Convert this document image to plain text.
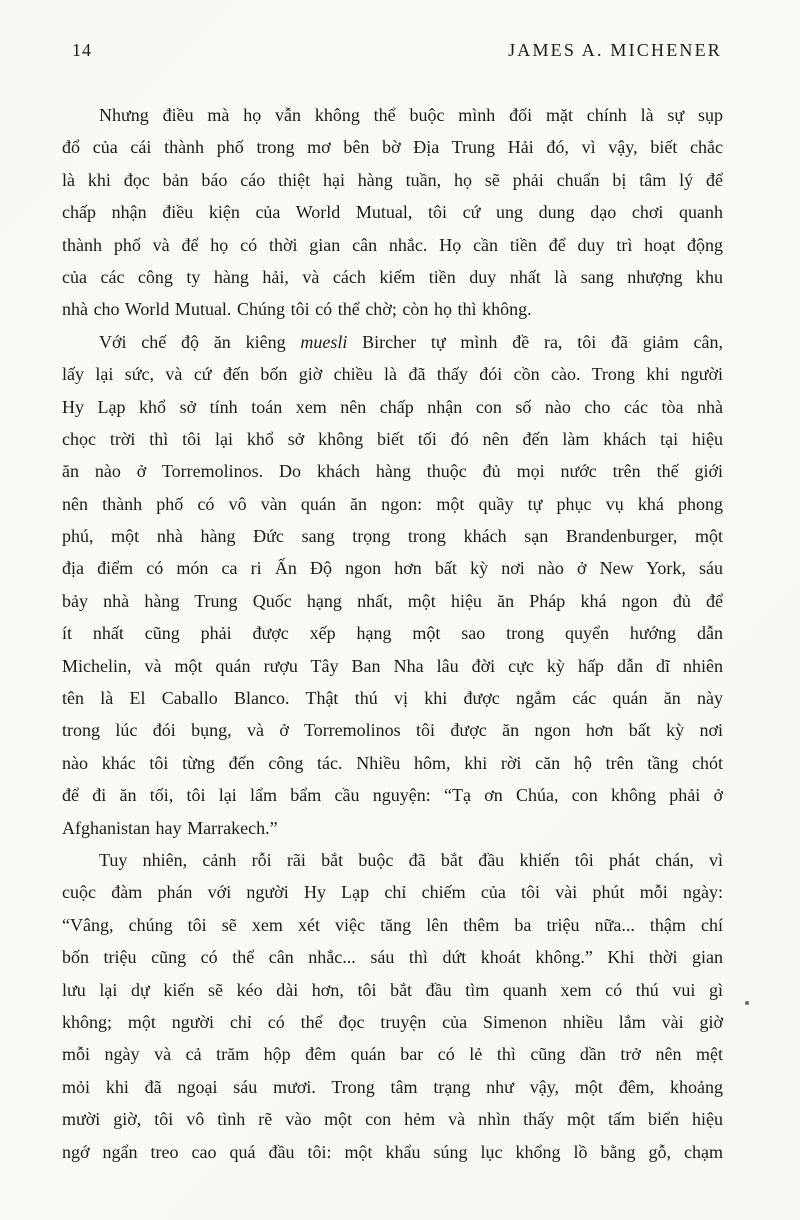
14	JAMES A. MICHENER
Nhưng điều mà họ vẫn không thể buộc mình đối mặt chính là sự sụp
đổ của cái thành phố trong mơ bên bờ Địa Trung Hải đó, vì vậy, biết chắc
là khi đọc bản báo cáo thiệt hại hàng tuần, họ sẽ phải chuẩn bị tâm lý để
chấp nhận điều kiện của World Mutual, tôi cứ ung dung dạo chơi quanh
thành phố và để họ có thời gian cân nhắc. Họ cần tiền để duy trì hoạt động
của các công ty hàng hải, và cách kiếm tiền duy nhất là sang nhượng khu
nhà cho World Mutual. Chúng tôi có thể chờ; còn họ thì không.
Với chế độ ăn kiêng muesli Bircher tự mình đề ra, tôi đã giảm cân,
lấy lại sức, và cứ đến bốn giờ chiều là đã thấy đói cồn cào. Trong khi người
Hy Lạp khổ sở tính toán xem nên chấp nhận con số nào cho các tòa nhà
chọc trời thì tôi lại khổ sở không biết tối đó nên đến làm khách tại hiệu
ăn nào ở Torremolinos. Do khách hàng thuộc đủ mọi nước trên thế giới
nên thành phố có vô vàn quán ăn ngon: một quầy tự phục vụ khá phong
phú, một nhà hàng Đức sang trọng trong khách sạn Brandenburger, một
địa điểm có món ca ri Ấn Độ ngon hơn bất kỳ nơi nào ở New York, sáu
bảy nhà hàng Trung Quốc hạng nhất, một hiệu ăn Pháp khá ngon đủ để
ít nhất cũng phải được xếp hạng một sao trong quyển hướng dẫn
Michelin, và một quán rượu Tây Ban Nha lâu đời cực kỳ hấp dẫn dĩ nhiên
tên là El Caballo Blanco. Thật thú vị khi được ngắm các quán ăn này
trong lúc đói bụng, và ở Torremolinos tôi được ăn ngon hơn bất kỳ nơi
nào khác tôi từng đến công tác. Nhiều hôm, khi rời căn hộ trên tầng chót
để đi ăn tối, tôi lại lẩm bẩm cầu nguyện: “Tạ ơn Chúa, con không phải ở
Afghanistan hay Marrakech.”
Tuy nhiên, cảnh rỗi rãi bắt buộc đã bắt đầu khiến tôi phát chán, vì
cuộc đàm phán với người Hy Lạp chỉ chiếm của tôi vài phút mỗi ngày:
“Vâng, chúng tôi sẽ xem xét việc tăng lên thêm ba triệu nữa... thậm chí
bốn triệu cũng có thể cân nhắc... sáu thì dứt khoát không.” Khi thời gian
lưu lại dự kiến sẽ kéo dài hơn, tôi bắt đầu tìm quanh xem có thú vui gì
không; một người chỉ có thể đọc truyện của Simenon nhiều lắm vài giờ
mỗi ngày và cả trăm hộp đêm quán bar có lẻ thì cũng dần trở nên mệt
mỏi khi đã ngoại sáu mươi. Trong tâm trạng như vậy, một đêm, khoảng
mười giờ, tôi vô tình rẽ vào một con hẻm và nhìn thấy một tấm biển hiệu
ngớ ngẩn treo cao quá đầu tôi: một khẩu súng lục khổng lồ bằng gỗ, chạm
